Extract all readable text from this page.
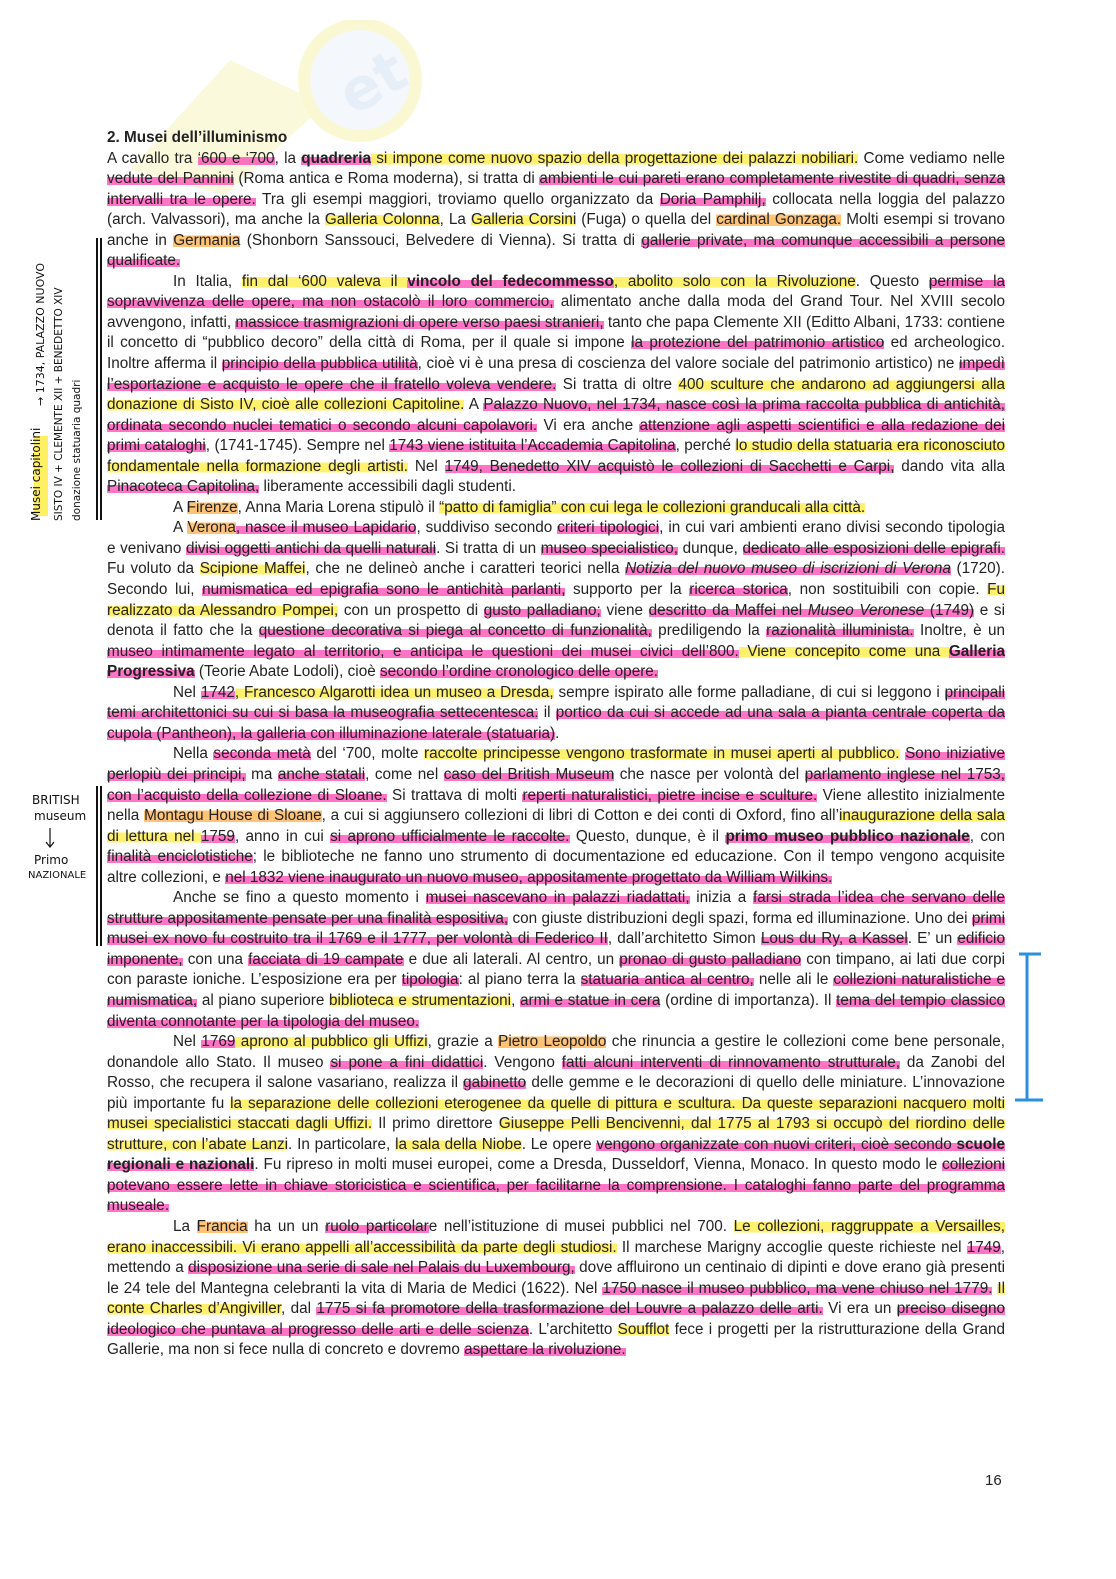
et
Musei capitolini
→ 1734, PALAZZO NUOVO SISTO IV + CLEMENTE XII + BENEDETTO XIV donazione statuaria quadri
BRITISH
museum
Primo
NAZIONALE

2. Musei dell’illuminismo

A cavallo tra ‘600 e ‘700, la quadreria si impone come nuovo spazio della progettazione dei palazzi nobiliari. Come vediamo nelle vedute del Pannini (Roma antica e Roma moderna), si tratta di ambienti le cui pareti erano completamente rivestite di quadri, senza intervalli tra le opere. Tra gli esempi maggiori, troviamo quello organizzato da Doria Pamphilj, collocata nella loggia del palazzo (arch. Valvassori), ma anche la Galleria Colonna, La Galleria Corsini (Fuga) o quella del cardinal Gonzaga. Molti esempi si trovano anche in Germania (Shonborn Sanssouci, Belvedere di Vienna). Si tratta di gallerie private, ma comunque accessibili a persone qualificate.

In Italia, fin dal ‘600 valeva il vincolo del fedecommesso, abolito solo con la Rivoluzione. Questo permise la sopravvivenza delle opere, ma non ostacolò il loro commercio, alimentato anche dalla moda del Grand Tour. Nel XVIII secolo avvengono, infatti, massicce trasmigrazioni di opere verso paesi stranieri, tanto che papa Clemente XII (Editto Albani, 1733: contiene il concetto di “pubblico decoro” della città di Roma, per il quale si impone la protezione del patrimonio artistico ed archeologico. Inoltre afferma il principio della pubblica utilità, cioè vi è una presa di coscienza del valore sociale del patrimonio artistico) ne impedì l’esportazione e acquisto le opere che il fratello voleva vendere. Si tratta di oltre 400 sculture che andarono ad aggiungersi alla donazione di Sisto IV, cioè alle collezioni Capitoline. A Palazzo Nuovo, nel 1734, nasce così la prima raccolta pubblica di antichità, ordinata secondo nuclei tematici o secondo alcuni capolavori. Vi era anche attenzione agli aspetti scientifici e alla redazione dei primi cataloghi, (1741-1745). Sempre nel 1743 viene istituita l’Accademia Capitolina, perché lo studio della statuaria era riconosciuto fondamentale nella formazione degli artisti. Nel 1749, Benedetto XIV acquistò le collezioni di Sacchetti e Carpi, dando vita alla Pinacoteca Capitolina, liberamente accessibili dagli studenti.

A Firenze, Anna Maria Lorena stipulò il “patto di famiglia” con cui lega le collezioni granducali alla città.

A Verona, nasce il museo Lapidario, suddiviso secondo criteri tipologici, in cui vari ambienti erano divisi secondo tipologia e venivano divisi oggetti antichi da quelli naturali. Si tratta di un museo specialistico, dunque, dedicato alle esposizioni delle epigrafi. Fu voluto da Scipione Maffei, che ne delineò anche i caratteri teorici nella Notizia del nuovo museo di iscrizioni di Verona (1720). Secondo lui, numismatica ed epigrafia sono le antichità parlanti, supporto per la ricerca storica, non sostituibili con copie. Fu realizzato da Alessandro Pompei, con un prospetto di gusto palladiano; viene descritto da Maffei nel Museo Veronese (1749) e si denota il fatto che la questione decorativa si piega al concetto di funzionalità, prediligendo la razionalità illuminista. Inoltre, è un museo intimamente legato al territorio, e anticipa le questioni dei musei civici dell’800. Viene concepito come una Galleria Progressiva (Teorie Abate Lodoli), cioè secondo l’ordine cronologico delle opere.

Nel 1742, Francesco Algarotti idea un museo a Dresda, sempre ispirato alle forme palladiane, di cui si leggono i principali temi architettonici su cui si basa la museografia settecentesca: il portico da cui si accede ad una sala a pianta centrale coperta da cupola (Pantheon), la galleria con illuminazione laterale (statuaria).

Nella seconda metà del ‘700, molte raccolte principesse vengono trasformate in musei aperti al pubblico. Sono iniziative perlopiù dei principi, ma anche statali, come nel caso del British Museum che nasce per volontà del parlamento inglese nel 1753, con l’acquisto della collezione di Sloane. Si trattava di molti reperti naturalistici, pietre incise e sculture. Viene allestito inizialmente nella Montagu House di Sloane, a cui si aggiunsero collezioni di libri di Cotton e dei conti di Oxford, fino all’inaugurazione della sala di lettura nel 1759, anno in cui si aprono ufficialmente le raccolte. Questo, dunque, è il primo museo pubblico nazionale, con finalità enciclotistiche; le biblioteche ne fanno uno strumento di documentazione ed educazione. Con il tempo vengono acquisite altre collezioni, e nel 1832 viene inaugurato un nuovo museo, appositamente progettato da William Wilkins.

Anche se fino a questo momento i musei nascevano in palazzi riadattati, inizia a farsi strada l’idea che servano delle strutture appositamente pensate per una finalità espositiva, con giuste distribuzioni degli spazi, forma ed illuminazione. Uno dei primi musei ex novo fu costruito tra il 1769 e il 1777, per volontà di Federico II, dall’architetto Simon Lous du Ry, a Kassel. E’ un edificio imponente, con una facciata di 19 campate e due ali laterali. Al centro, un pronao di gusto palladiano con timpano, ai lati due corpi con paraste ioniche. L’esposizione era per tipologia: al piano terra la statuaria antica al centro, nelle ali le collezioni naturalistiche e numismatica, al piano superiore biblioteca e strumentazioni, armi e statue in cera (ordine di importanza). Il tema del tempio classico diventa connotante per la tipologia del museo.

Nel 1769 aprono al pubblico gli Uffizi, grazie a Pietro Leopoldo che rinuncia a gestire le collezioni come bene personale, donandole allo Stato. Il museo si pone a fini didattici. Vengono fatti alcuni interventi di rinnovamento strutturale, da Zanobi del Rosso, che recupera il salone vasariano, realizza il gabinetto delle gemme e le decorazioni di quello delle miniature. L’innovazione più importante fu la separazione delle collezioni eterogenee da quelle di pittura e scultura. Da queste separazioni nacquero molti musei specialistici staccati dagli Uffizi. Il primo direttore Giuseppe Pelli Bencivenni, dal 1775 al 1793 si occupò del riordino delle strutture, con l’abate Lanzi. In particolare, la sala della Niobe. Le opere vengono organizzate con nuovi criteri, cioè secondo scuole regionali e nazionali. Fu ripreso in molti musei europei, come a Dresda, Dusseldorf, Vienna, Monaco. In questo modo le collezioni potevano essere lette in chiave storicistica e scientifica, per facilitarne la comprensione. I cataloghi fanno parte del programma museale.

La Francia ha un un ruolo particolare nell’istituzione di musei pubblici nel 700. Le collezioni, raggruppate a Versailles, erano inaccessibili. Vi erano appelli all’accessibilità da parte degli studiosi. Il marchese Marigny accoglie queste richieste nel 1749, mettendo a disposizione una serie di sale nel Palais du Luxembourg, dove affluirono un centinaio di dipinti e dove erano già presenti le 24 tele del Mantegna celebranti la vita di Maria de Medici (1622). Nel 1750 nasce il museo pubblico, ma vene chiuso nel 1779. Il conte Charles d’Angiviller, dal 1775 si fa promotore della trasformazione del Louvre a palazzo delle arti. Vi era un preciso disegno ideologico che puntava al progresso delle arti e delle scienza. L’architetto Soufflot fece i progetti per la ristrutturazione della Grand Gallerie, ma non si fece nulla di concreto e dovremo aspettare la rivoluzione.

16
